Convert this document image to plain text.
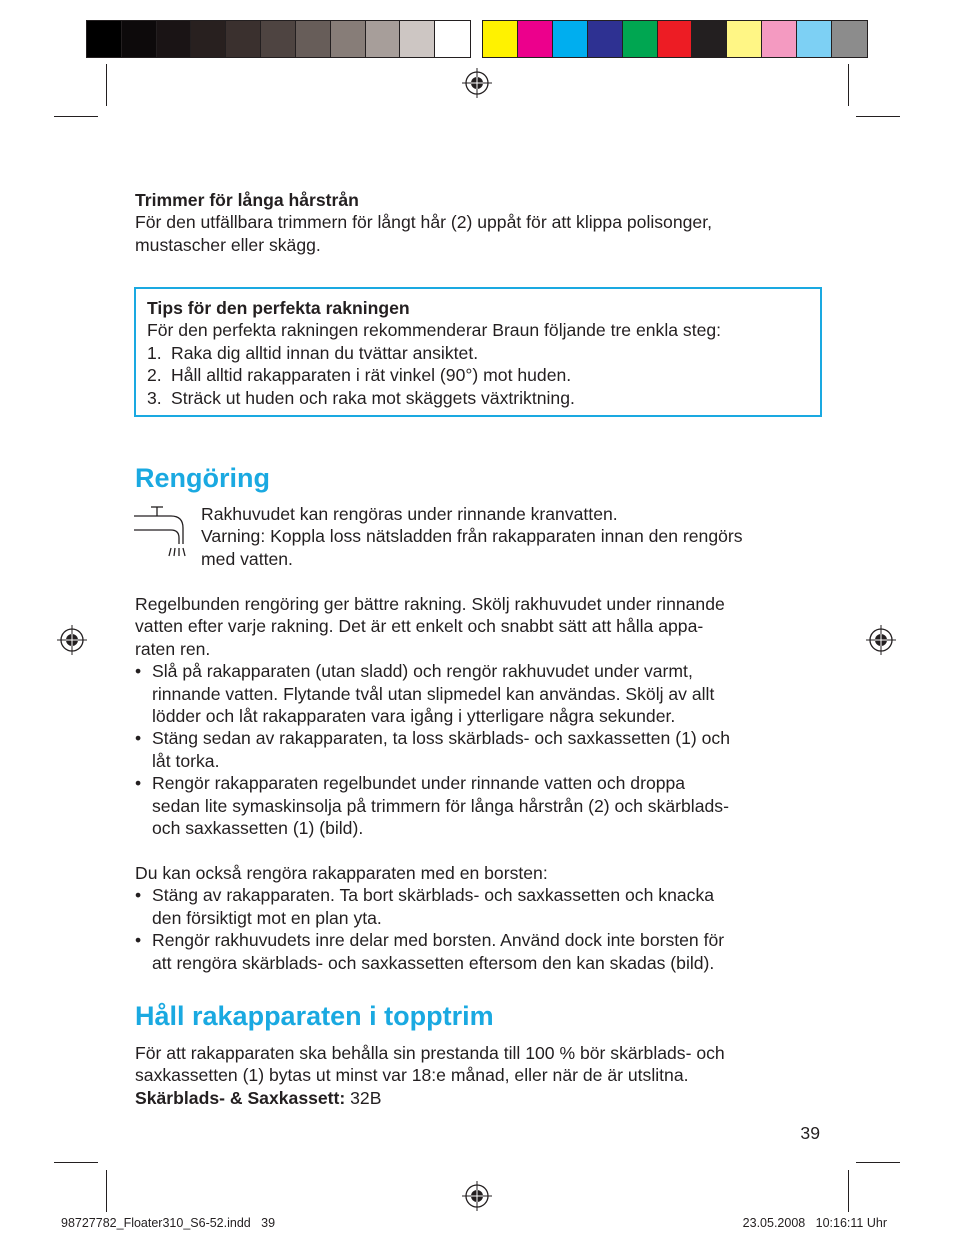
Trimmer för långa hårstrån
För den utfällbara trimmern för långt hår (2) uppåt för att klippa polisonger,
mustascher eller skägg.
Tips för den perfekta rakningen
För den perfekta rakningen rekommenderar Braun följande tre enkla steg:
1. Raka dig alltid innan du tvättar ansiktet.
2. Håll alltid rakapparaten i rät vinkel (90°) mot huden.
3. Sträck ut huden och raka mot skäggets växtriktning.
Rengöring
Rakhuvudet kan rengöras under rinnande kranvatten.
Varning: Koppla loss nätsladden från rakapparaten innan den rengörs
med vatten.
Regelbunden rengöring ger bättre rakning. Skölj rakhuvudet under rinnande
vatten efter varje rakning. Det är ett enkelt och snabbt sätt att hålla appa-
raten ren.
• Slå på rakapparaten (utan sladd) och rengör rakhuvudet under varmt,
rinnande vatten. Flytande tvål utan slipmedel kan användas. Skölj av allt
lödder och låt rakapparaten vara igång i ytterligare några sekunder.
• Stäng sedan av rakapparaten, ta loss skärblads- och saxkassetten (1) och
låt torka.
• Rengör rakapparaten regelbundet under rinnande vatten och droppa
sedan lite symaskinsolja på trimmern för långa hårstrån (2) och skärblads-
och saxkassetten (1) (bild).
Du kan också rengöra rakapparaten med en borsten:
• Stäng av rakapparaten. Ta bort skärblads- och saxkassetten och knacka
den försiktigt mot en plan yta.
• Rengör rakhuvudets inre delar med borsten. Använd dock inte borsten för
att rengöra skärblads- och saxkassetten eftersom den kan skadas (bild).
Håll rakapparaten i topptrim
För att rakapparaten ska behålla sin prestanda till 100 % bör skärblads- och
saxkassetten (1) bytas ut minst var 18:e månad, eller när de är utslitna.
Skärblads- & Saxkassett: 32B
39
98727782_Floater310_S6-52.indd   39	23.05.2008   10:16:11 Uhr
